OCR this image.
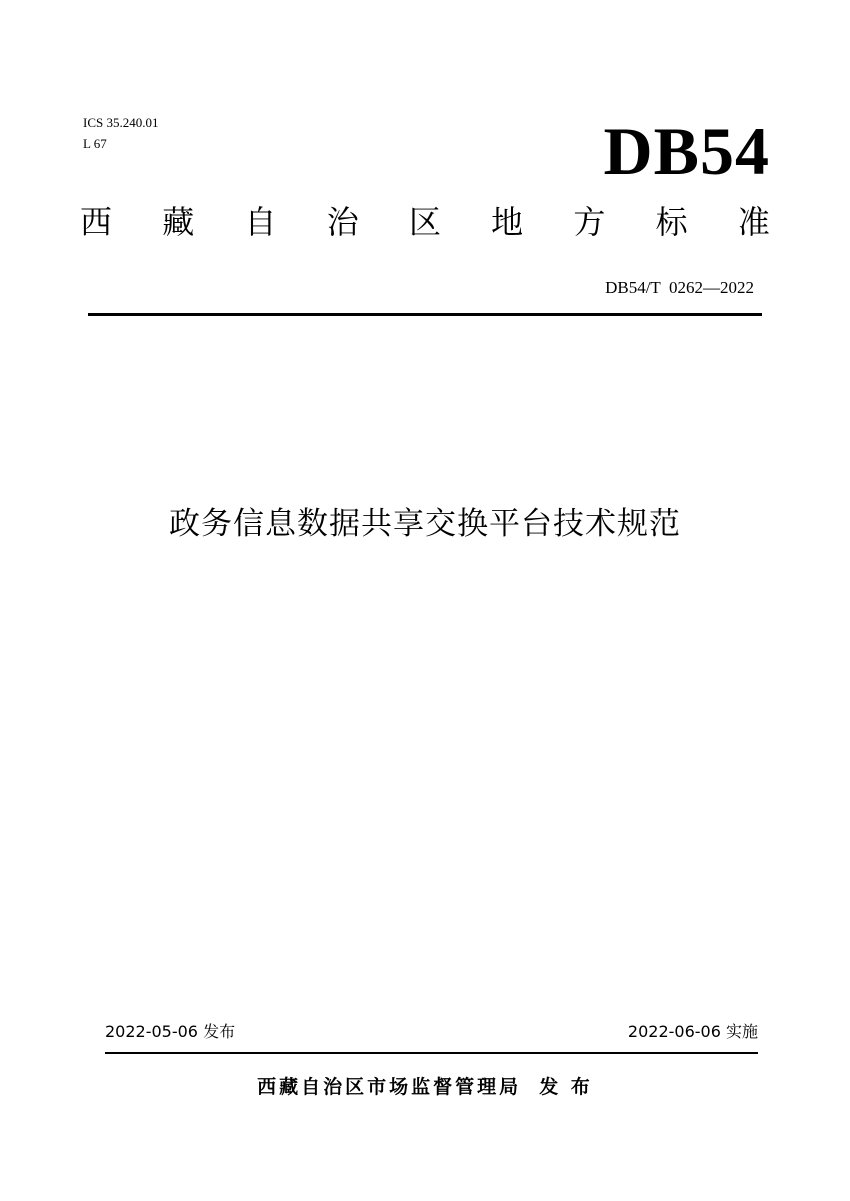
ICS 35.240.01
L 67	DB54
西 藏 自 治 区 地 方 标 准
DB54/T  0262—2022
政务信息数据共享交换平台技术规范
2022-05-06 发布	2022-06-06 实施
西藏自治区市场监督管理局 发 布
